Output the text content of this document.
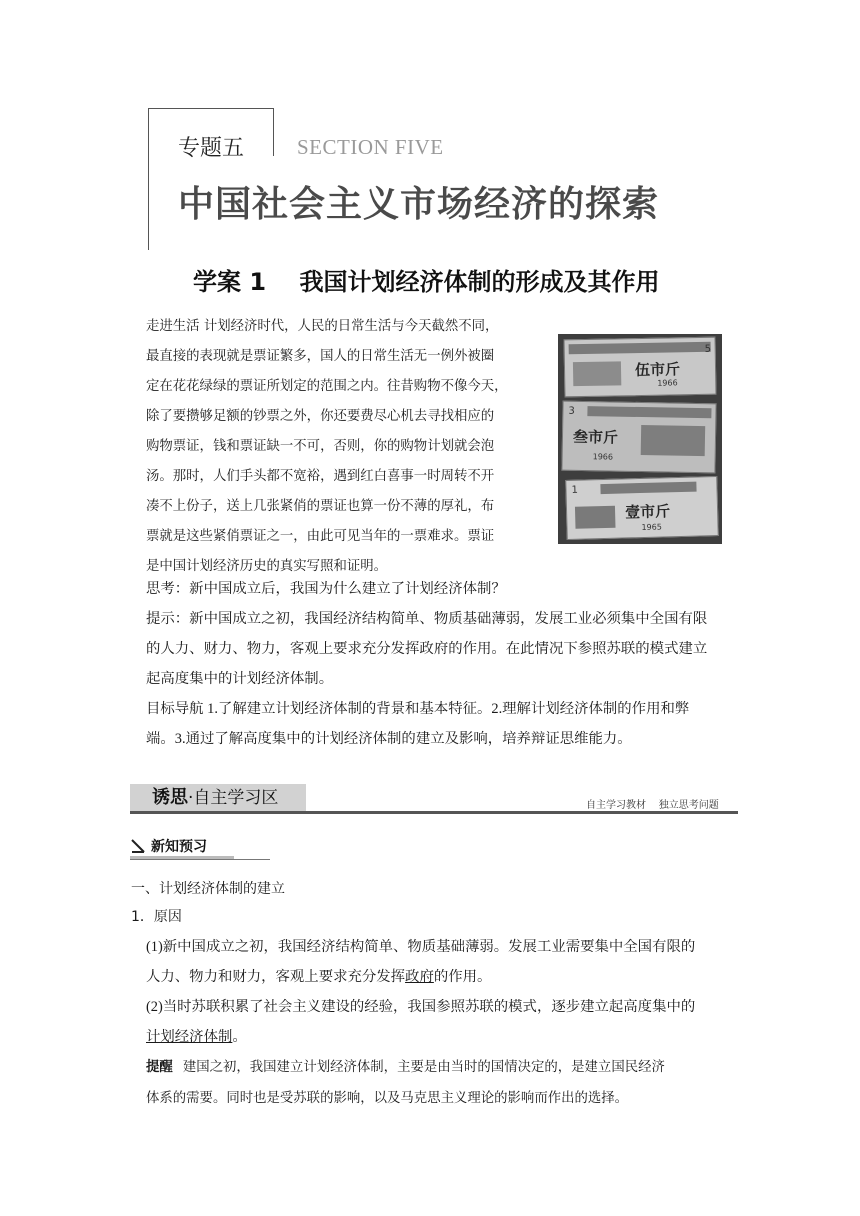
专题五	SECTION FIVE
中国社会主义市场经济的探索
学案 1    我国计划经济体制的形成及其作用

走进生活 计划经济时代，人民的日常生活与今天截然不同，

最直接的表现就是票证繁多，国人的日常生活无一例外被圈

定在花花绿绿的票证所划定的范围之内。往昔购物不像今天，

除了要攒够足额的钞票之外，你还要费尽心机去寻找相应的

购物票证，钱和票证缺一不可，否则，你的购物计划就会泡

汤。那时，人们手头都不宽裕，遇到红白喜事一时周转不开

凑不上份子，送上几张紧俏的票证也算一份不薄的厚礼，布

票就是这些紧俏票证之一，由此可见当年的一票难求。票证

是中国计划经济历史的真实写照和证明。

伍市斤
1966
5
叁市斤
1966
3
壹市斤
1965
1

思考：新中国成立后，我国为什么建立了计划经济体制？

提示：新中国成立之初，我国经济结构简单、物质基础薄弱，发展工业必须集中全国有限

的人力、财力、物力，客观上要求充分发挥政府的作用。在此情况下参照苏联的模式建立

起高度集中的计划经济体制。

目标导航 1.了解建立计划经济体制的背景和基本特征。2.理解计划经济体制的作用和弊

端。3.通过了解高度集中的计划经济体制的建立及影响，培养辩证思维能力。

诱思·自主学习区	自主学习教材    独立思考问题
新知预习
一、计划经济体制的建立
1．原因

(1)新中国成立之初，我国经济结构简单、物质基础薄弱。发展工业需要集中全国有限的

人力、物力和财力，客观上要求充分发挥政府的作用。

(2)当时苏联积累了社会主义建设的经验，我国参照苏联的模式，逐步建立起高度集中的

计划经济体制。

提醒 建国之初，我国建立计划经济体制，主要是由当时的国情决定的，是建立国民经济

体系的需要。同时也是受苏联的影响，以及马克思主义理论的影响而作出的选择。
